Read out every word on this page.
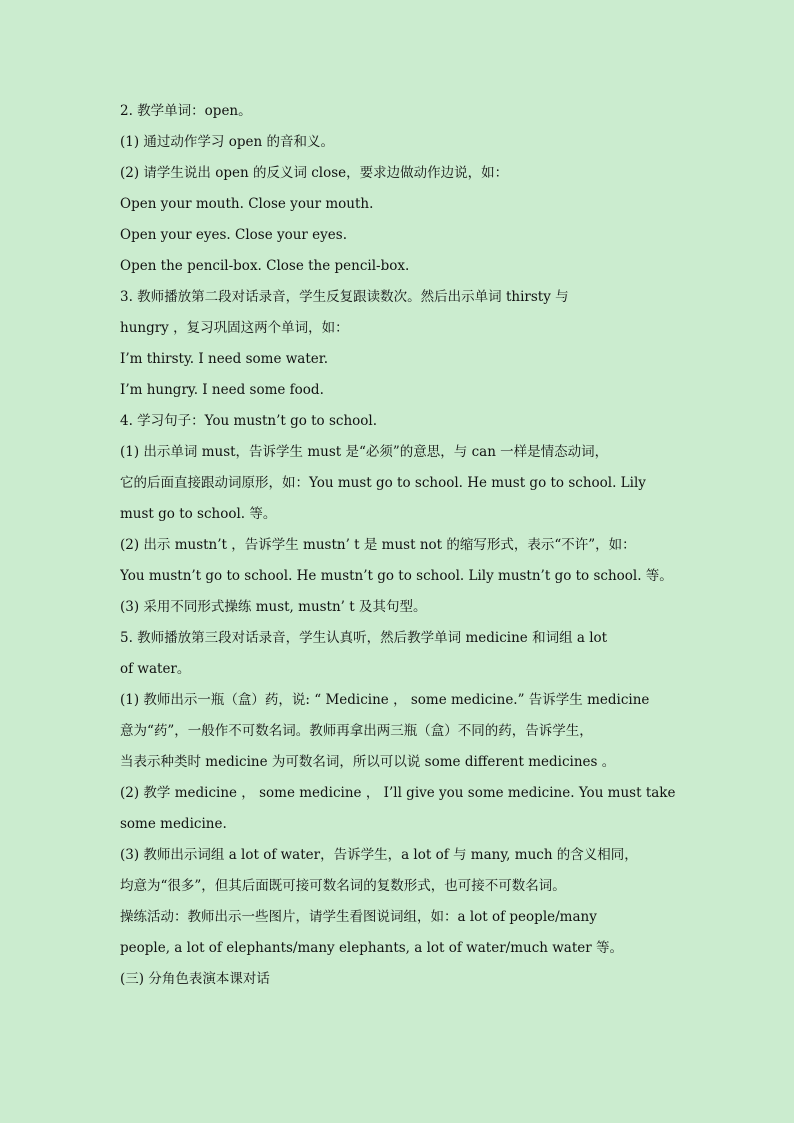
2. 教学单词：open。
(1) 通过动作学习 open 的音和义。
(2) 请学生说出 open 的反义词 close，要求边做动作边说，如：
Open your mouth. Close your mouth.
Open your eyes. Close your eyes.
Open the pencil-box. Close the pencil-box.
3. 教师播放第二段对话录音，学生反复跟读数次。然后出示单词 thirsty 与
hungry ，复习巩固这两个单词，如：
I’m thirsty. I need some water.
I’m hungry. I need some food.
4. 学习句子：You mustn’t go to school.
(1) 出示单词 must，告诉学生 must 是“必须”的意思，与 can 一样是情态动词，
它的后面直接跟动词原形，如：You must go to school. He must go to school. Lily
must go to school. 等。
(2) 出示 mustn’t ，告诉学生 mustn’ t 是 must not 的缩写形式，表示“不许”，如：
You mustn’t go to school. He mustn’t go to school. Lily mustn’t go to school. 等。
(3) 采用不同形式操练 must, mustn’ t 及其句型。
5. 教师播放第三段对话录音，学生认真听，然后教学单词 medicine 和词组 a lot
of water。
(1) 教师出示一瓶（盒）药，说: “ Medicine ， some medicine.” 告诉学生 medicine
意为“药”，一般作不可数名词。教师再拿出两三瓶（盒）不同的药，告诉学生，
当表示种类时 medicine 为可数名词，所以可以说 some different medicines 。
(2) 教学 medicine ， some medicine ， I’ll give you some medicine. You must take
some medicine.
(3) 教师出示词组 a lot of water，告诉学生，a lot of 与 many, much 的含义相同，
均意为“很多”，但其后面既可接可数名词的复数形式，也可接不可数名词。
操练活动：教师出示一些图片，请学生看图说词组，如：a lot of people/many
people, a lot of elephants/many elephants, a lot of water/much water 等。
(三) 分角色表演本课对话
